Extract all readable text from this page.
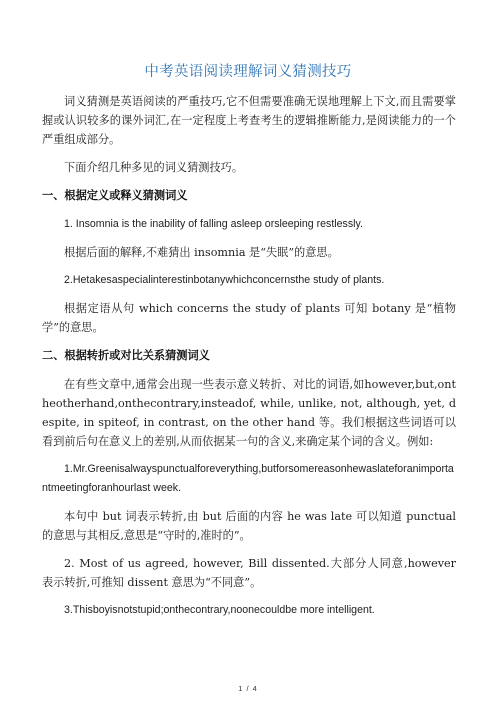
中考英语阅读理解词义猜测技巧

词义猜测是英语阅读的严重技巧,它不但需要准确无误地理解上下文,而且需要掌握或认识较多的课外词汇,在一定程度上考查考生的逻辑推断能力,是阅读能力的一个严重组成部分。

下面介绍几种多见的词义猜测技巧。

一、根据定义或释义猜测词义

1. Insomnia is the inability of falling asleep orsleeping restlessly.

根据后面的解释,不难猜出 insomnia 是“失眠”的意思。

2.Hetakesaspecialinterestinbotanywhichconcernsthe study of plants.

根据定语从句 which concerns the study of plants 可知 botany 是“植物学”的意思。

二、根据转折或对比关系猜测词义

在有些文章中,通常会出现一些表示意义转折、对比的词语,如however,but,ontheotherhand,onthecontrary,insteadof, while, unlike, not, although, yet, despite, in spiteof, in contrast, on the other hand 等。我们根据这些词语可以看到前后句在意义上的差别,从而依据某一句的含义,来确定某个词的含义。例如:

1.Mr.Greenisalwayspunctualforeverything,butforsomereasonhewaslateforanimportantmeetingforanhourlast week.

本句中 but 词表示转折,由 but 后面的内容 he was late 可以知道 punctual 的意思与其相反,意思是“守时的,准时的”。

2. Most of us agreed, however, Bill dissented.大部分人同意,however 表示转折,可推知 dissent 意思为“不同意”。

3.Thisboyisnotstupid;onthecontrary,noonecouldbe more intelligent.

1 / 4
